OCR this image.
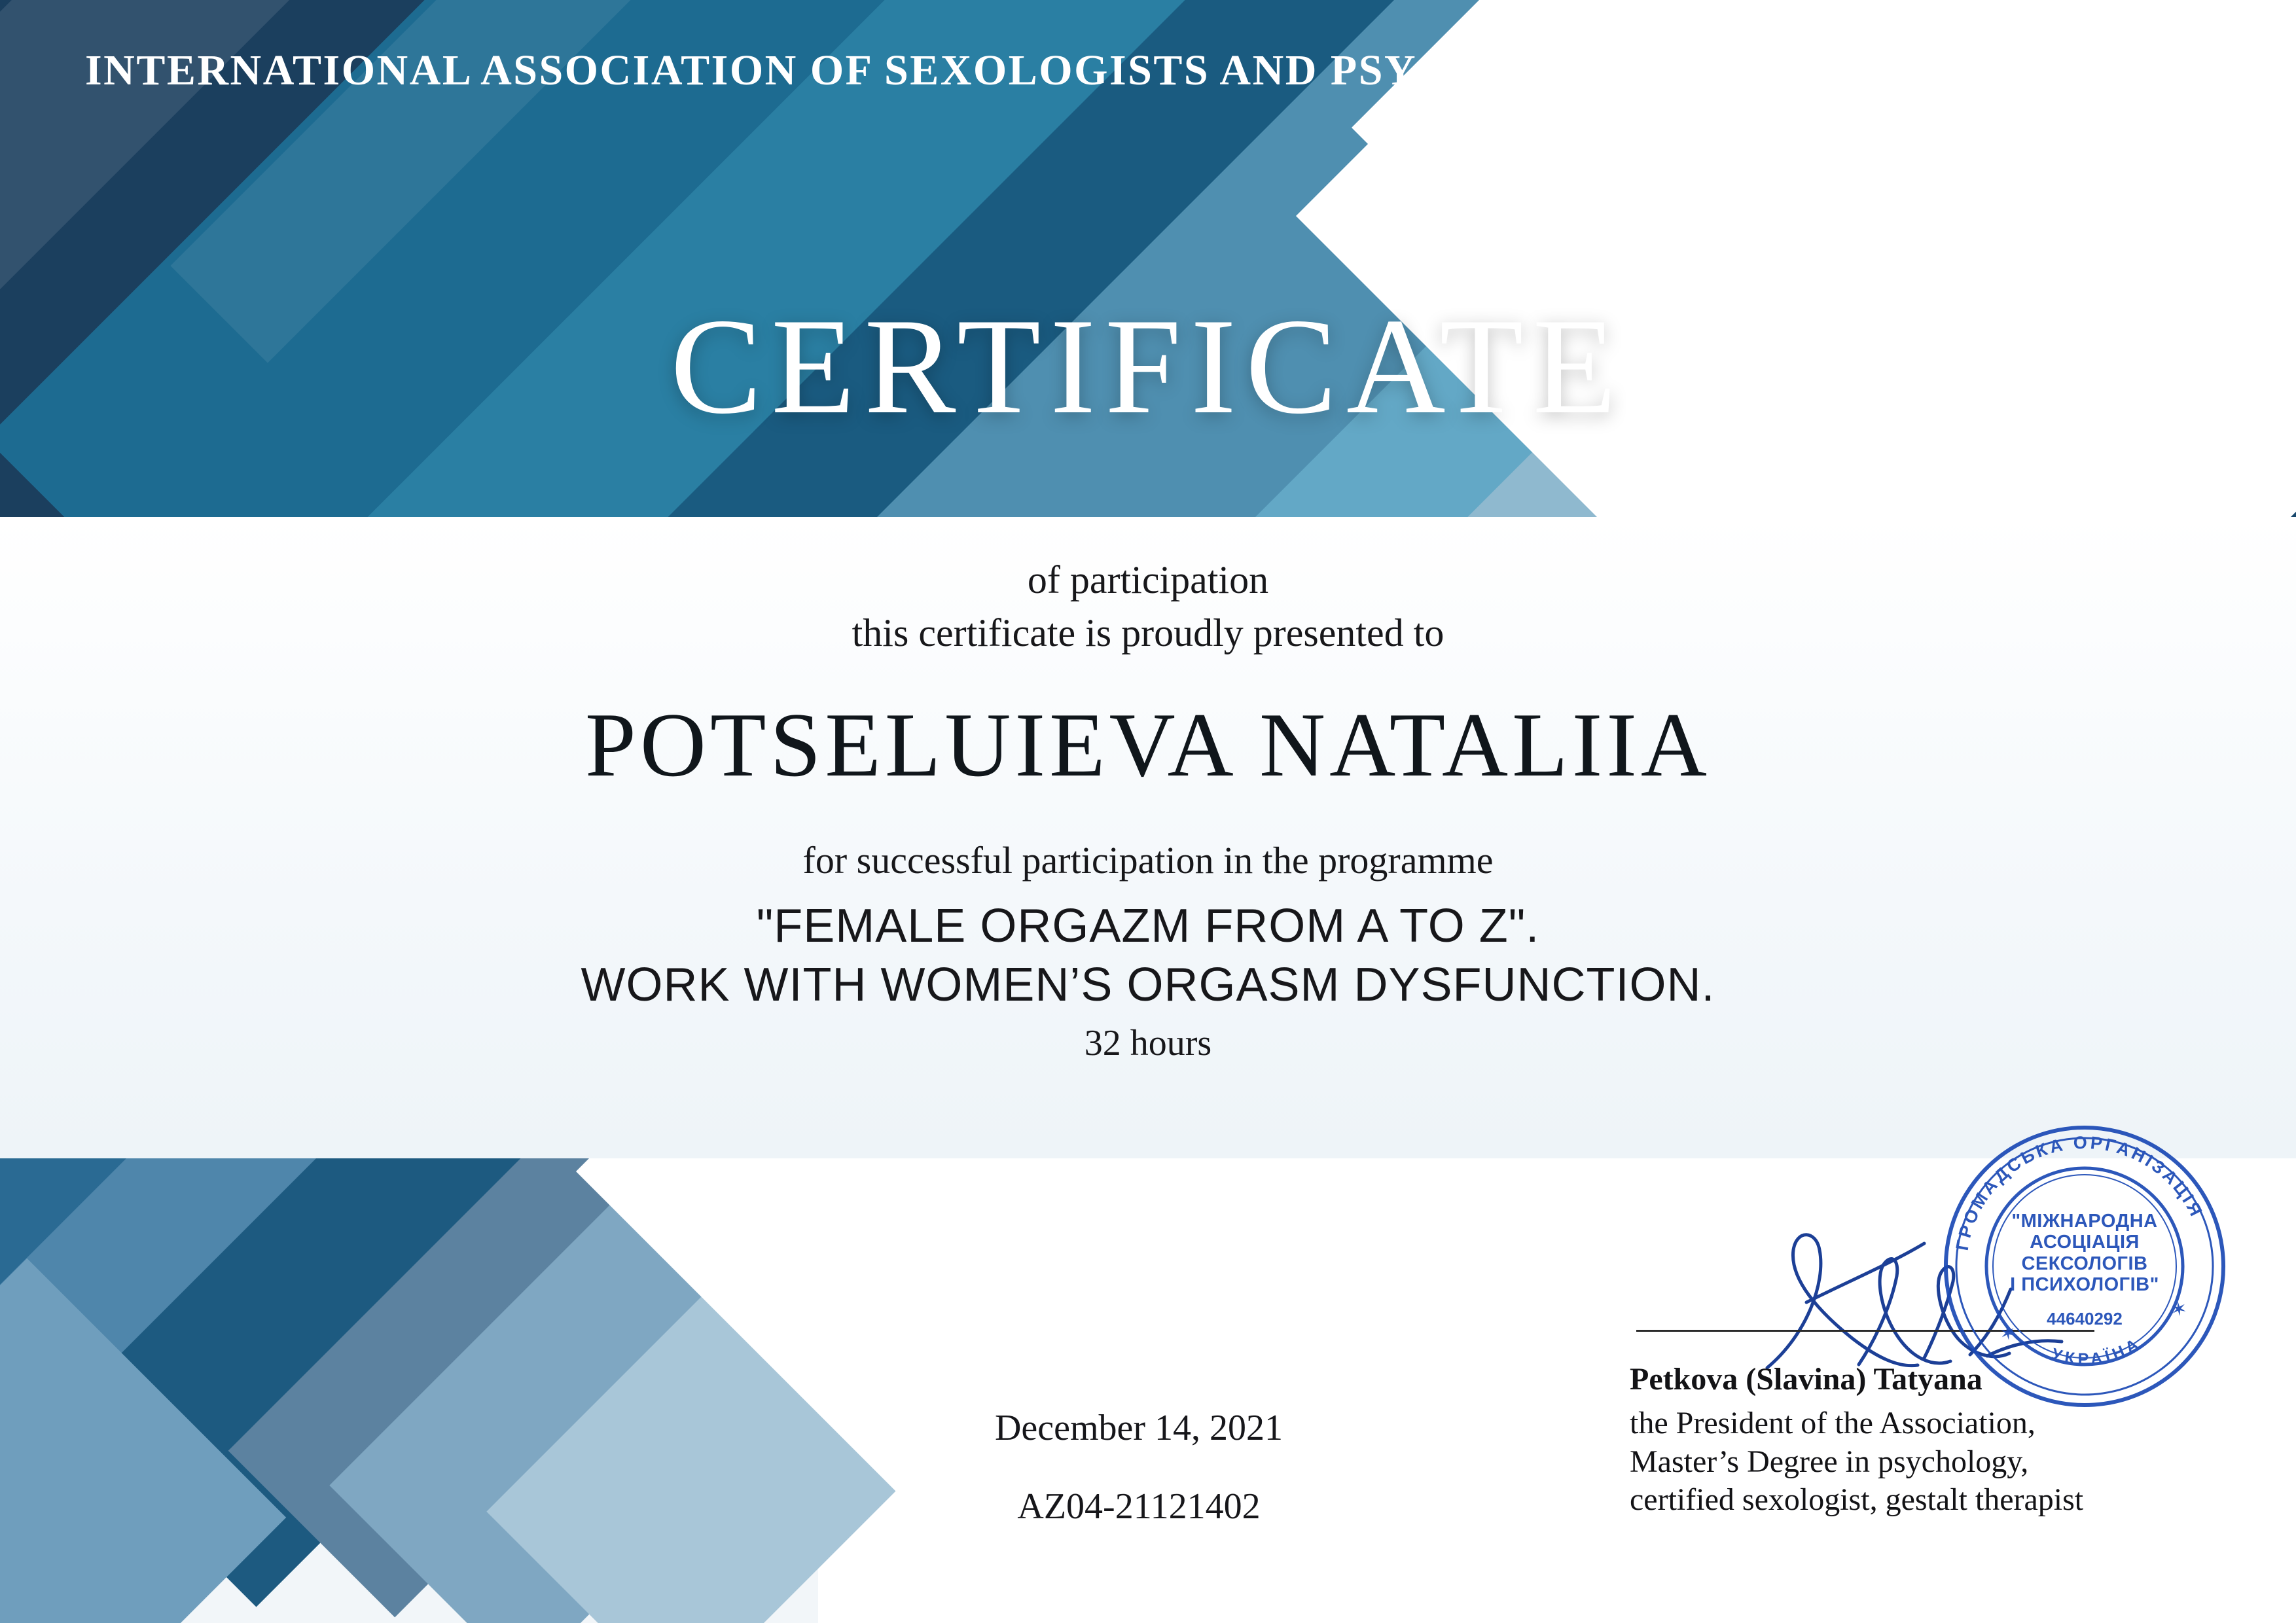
INTERNATIONAL ASSOCIATION OF SEXOLOGISTS AND PSYCHOLOGISTS
CERTIFICATE
of participation
this certificate is proudly presented to
POTSELUIEVA NATALIIA
for successful participation in the programme
"FEMALE ORGAZM FROM A TO Z".
WORK WITH WOMEN’S ORGASM DYSFUNCTION.
32 hours
December 14, 2021
AZ04-21121402
Petkova (Slavina) Tatyana
the President of the Association,
Master’s Degree in psychology,
certified sexologist, gestalt therapist
ГРОМАДСЬКА ОРГАНІЗАЦІЯ
УКРАЇНА
✶
✶
"МІЖНАРОДНА
АСОЦІАЦІЯ
СЕКСОЛОГІВ
І ПСИХОЛОГІВ"
44640292
